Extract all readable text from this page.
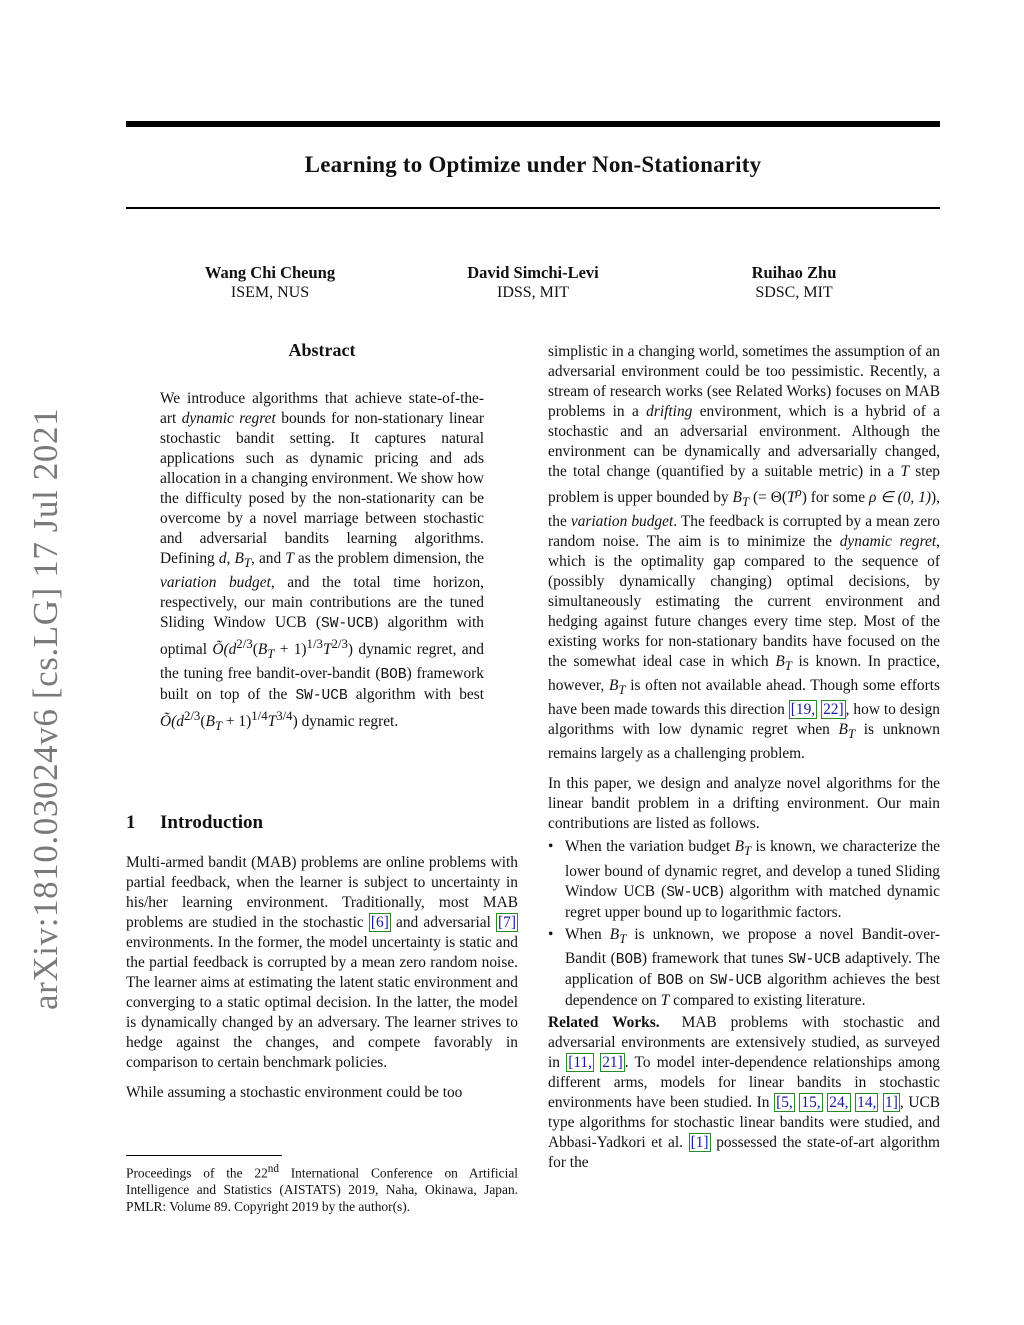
Learning to Optimize under Non-Stationarity
Wang Chi Cheung
ISEM, NUS
David Simchi-Levi
IDSS, MIT
Ruihao Zhu
SDSC, MIT
arXiv:1810.03024v6 [cs.LG] 17 Jul 2021
Abstract

We introduce algorithms that achieve state-of-the-art dynamic regret bounds for non-stationary linear stochastic bandit setting. It captures natural applications such as dynamic pricing and ads allocation in a changing environment. We show how the difficulty posed by the non-stationarity can be overcome by a novel marriage between stochastic and adversarial bandits learning algorithms. Defining d, $B_T$, and T as the problem dimension, the variation budget, and the total time horizon, respectively, our main contributions are the tuned Sliding Window UCB (SW-UCB) algorithm with optimal $Õ(d^{2/3}(B_T + 1)^{1/3}T^{2/3})$ dynamic regret, and the tuning free bandit-over-bandit (BOB) framework built on top of the SW-UCB algorithm with best $Õ(d^{2/3}(B_T + 1)^{1/4}T^{3/4})$ dynamic regret.

1 Introduction

Multi-armed bandit (MAB) problems are online problems with partial feedback, when the learner is subject to uncertainty in his/her learning environment. Traditionally, most MAB problems are studied in the stochastic [6] and adversarial [7] environments. In the former, the model uncertainty is static and the partial feedback is corrupted by a mean zero random noise. The learner aims at estimating the latent static environment and converging to a static optimal decision. In the latter, the model is dynamically changed by an adversary. The learner strives to hedge against the changes, and compete favorably in comparison to certain benchmark policies.

While assuming a stochastic environment could be too

Proceedings of the 22nd International Conference on Artificial Intelligence and Statistics (AISTATS) 2019, Naha, Okinawa, Japan. PMLR: Volume 89. Copyright 2019 by the author(s).

simplistic in a changing world, sometimes the assumption of an adversarial environment could be too pessimistic. Recently, a stream of research works (see Related Works) focuses on MAB problems in a drifting environment, which is a hybrid of a stochastic and an adversarial environment. Although the environment can be dynamically and adversarially changed, the total change (quantified by a suitable metric) in a T step problem is upper bounded by $B_T$ (= $\Theta(T^\rho)$ for some ρ ∈ (0, 1)), the variation budget. The feedback is corrupted by a mean zero random noise. The aim is to minimize the dynamic regret, which is the optimality gap compared to the sequence of (possibly dynamically changing) optimal decisions, by simultaneously estimating the current environment and hedging against future changes every time step. Most of the existing works for non-stationary bandits have focused on the the somewhat ideal case in which $B_T$ is known. In practice, however, $B_T$ is often not available ahead. Though some efforts have been made towards this direction [19, 22] , how to design algorithms with low dynamic regret when $B_T$ is unknown remains largely as a challenging problem.

In this paper, we design and analyze novel algorithms for the linear bandit problem in a drifting environment. Our main contributions are listed as follows.

• When the variation budget $B_T$ is known, we characterize the lower bound of dynamic regret, and develop a tuned Sliding Window UCB (SW-UCB) algorithm with matched dynamic regret upper bound up to logarithmic factors.
• When $B_T$ is unknown, we propose a novel Bandit-over-Bandit (BOB) framework that tunes SW-UCB adaptively. The application of BOB on SW-UCB algorithm achieves the best dependence on T compared to existing literature.

Related Works. MAB problems with stochastic and adversarial environments are extensively studied, as surveyed in [11, 21] . To model inter-dependence relationships among different arms, models for linear bandits in stochastic environments have been studied. In [5, 15, 24, 14, 1] , UCB type algorithms for stochastic linear bandits were studied, and Abbasi-Yadkori et al. [1] possessed the state-of-art algorithm for the
